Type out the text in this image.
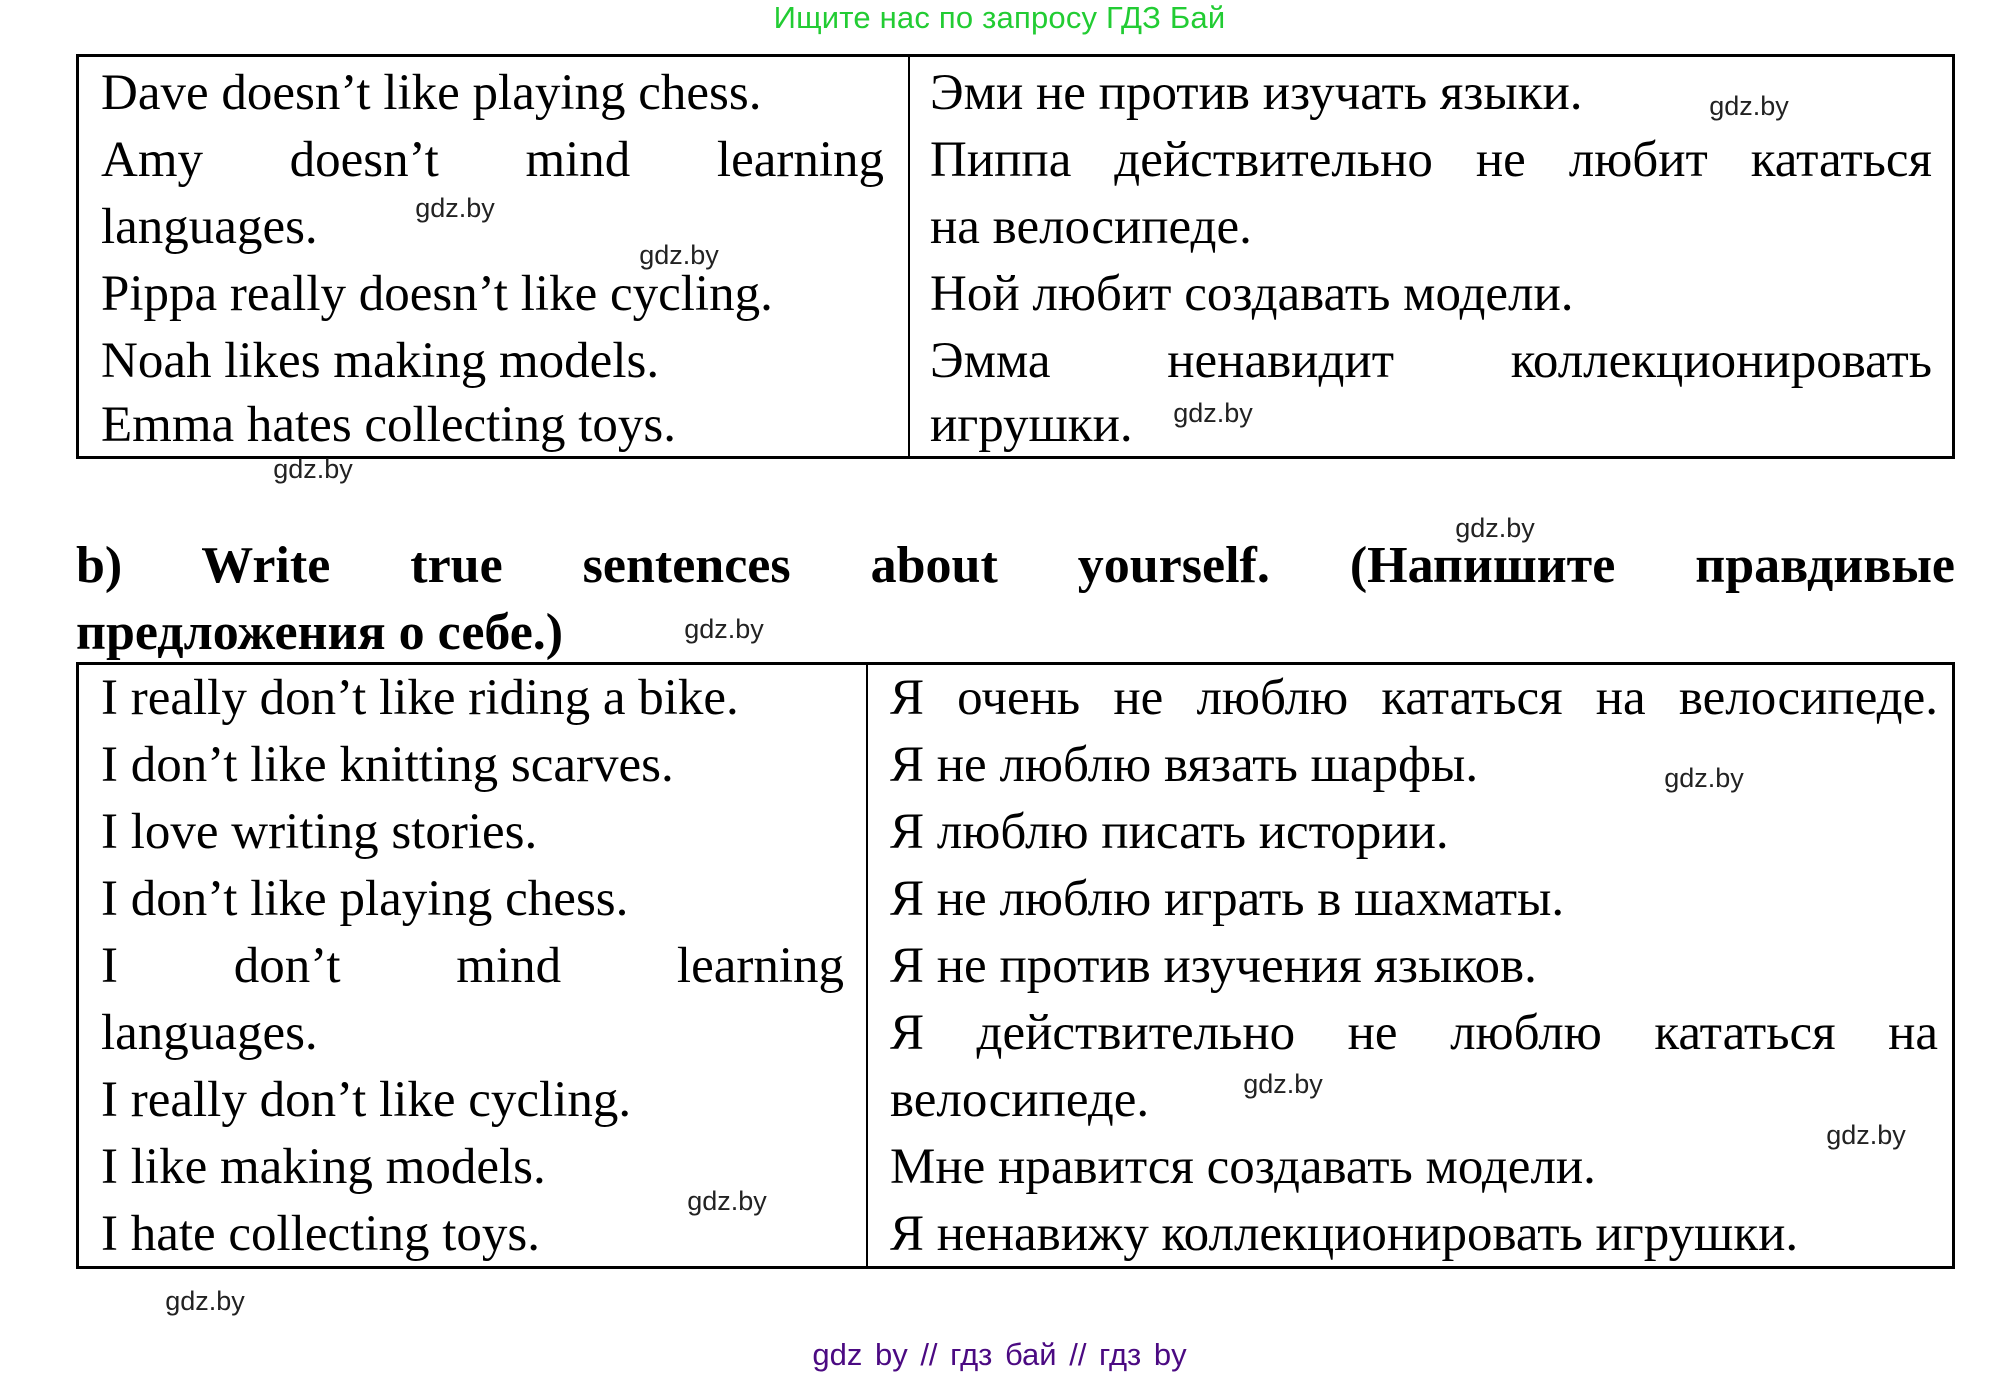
Ищите нас по запросу ГДЗ Бай
Dave doesn’t like playing chess.
Amy doesn’t mind learning
languages.
Pippa really doesn’t like cycling.
Noah likes making models.
Emma hates collecting toys.
Эми не против изучать языки.
Пиппа действительно не любит кататься
на велосипеде.
Ной любит создавать модели.
Эмма ненавидит коллекционировать
игрушки.
b) Write true sentences about yourself. (Напишите правдивые
предложения о себе.)
I really don’t like riding a bike.
I don’t like knitting scarves.
I love writing stories.
I don’t like playing chess.
I don’t mind learning
languages.
I really don’t like cycling.
I like making models.
I hate collecting toys.
Я очень не люблю кататься на велосипеде.
Я не люблю вязать шарфы.
Я люблю писать истории.
Я не люблю играть в шахматы.
Я не против изучения языков.
Я действительно не люблю кататься на
велосипеде.
Мне нравится создавать модели.
Я ненавижу коллекционировать игрушки.
gdz.by
gdz.by
gdz.by
gdz.by
gdz.by
gdz.by
gdz.by
gdz.by
gdz.by
gdz.by
gdz.by
gdz.by
gdz by // гдз бай // гдз by
